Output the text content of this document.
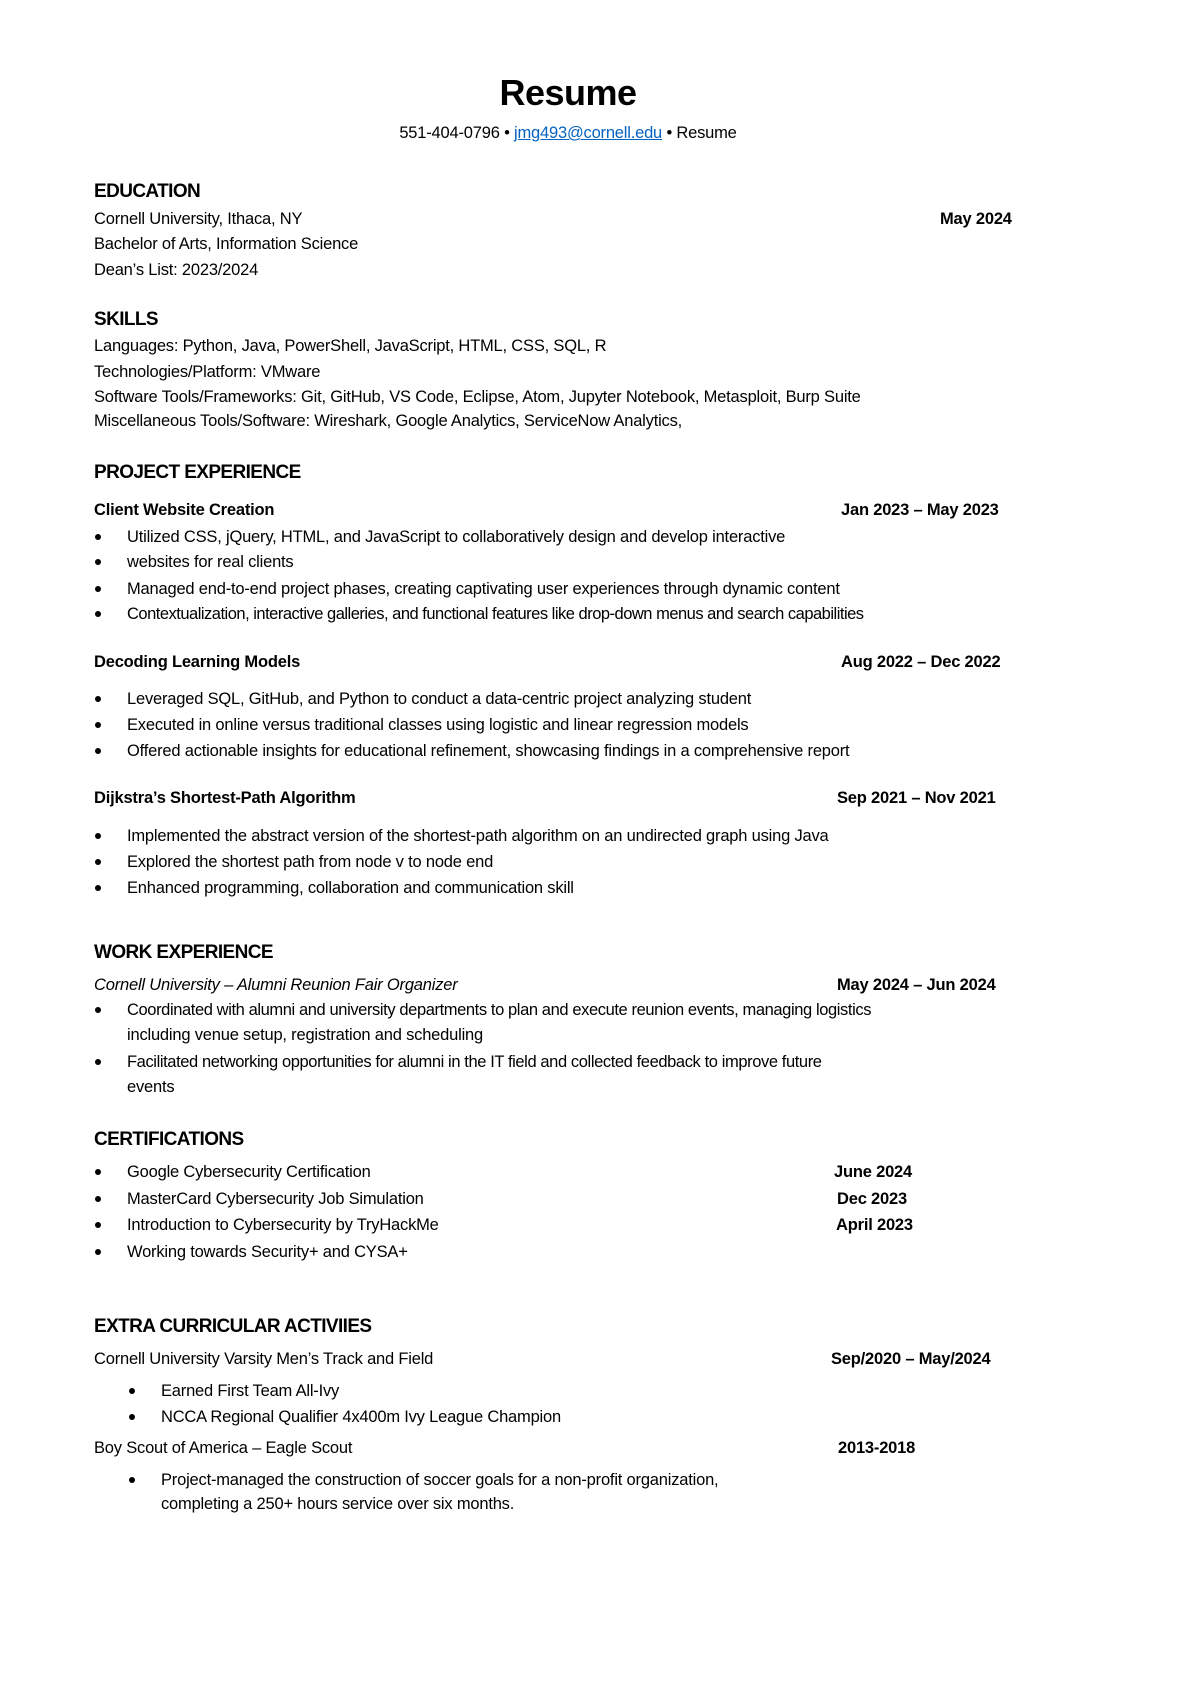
Resume
551-404-0796 • jmg493@cornell.edu • Resume
EDUCATION
Cornell University, Ithaca, NY	May 2024
Bachelor of Arts, Information Science
Dean’s List: 2023/2024
SKILLS
Languages: Python, Java, PowerShell, JavaScript, HTML, CSS, SQL, R
Technologies/Platform: VMware
Software Tools/Frameworks: Git, GitHub, VS Code, Eclipse, Atom, Jupyter Notebook, Metasploit, Burp Suite
Miscellaneous Tools/Software: Wireshark, Google Analytics, ServiceNow Analytics,
PROJECT EXPERIENCE
Client Website Creation	Jan 2023 – May 2023
Utilized CSS, jQuery, HTML, and JavaScript to collaboratively design and develop interactive
websites for real clients
Managed end-to-end project phases, creating captivating user experiences through dynamic content
Contextualization, interactive galleries, and functional features like drop-down menus and search capabilities
Decoding Learning Models	Aug 2022 – Dec 2022
Leveraged SQL, GitHub, and Python to conduct a data-centric project analyzing student
Executed in online versus traditional classes using logistic and linear regression models
Offered actionable insights for educational refinement, showcasing findings in a comprehensive report
Dijkstra’s Shortest-Path Algorithm	Sep 2021 – Nov 2021
Implemented the abstract version of the shortest-path algorithm on an undirected graph using Java
Explored the shortest path from node v to node end
Enhanced programming, collaboration and communication skill
WORK EXPERIENCE
Cornell University – Alumni Reunion Fair Organizer	May 2024 – Jun 2024
Coordinated with alumni and university departments to plan and execute reunion events, managing logistics
including venue setup, registration and scheduling
Facilitated networking opportunities for alumni in the IT field and collected feedback to improve future
events
CERTIFICATIONS
Google Cybersecurity Certification	June 2024
MasterCard Cybersecurity Job Simulation	Dec 2023
Introduction to Cybersecurity by TryHackMe	April 2023
Working towards Security+ and CYSA+
EXTRA CURRICULAR ACTIVIIES
Cornell University Varsity Men’s Track and Field	Sep/2020 – May/2024
Earned First Team All-Ivy
NCCA Regional Qualifier 4x400m Ivy League Champion
Boy Scout of America – Eagle Scout	2013-2018
Project-managed the construction of soccer goals for a non-profit organization,
completing a 250+ hours service over six months.
